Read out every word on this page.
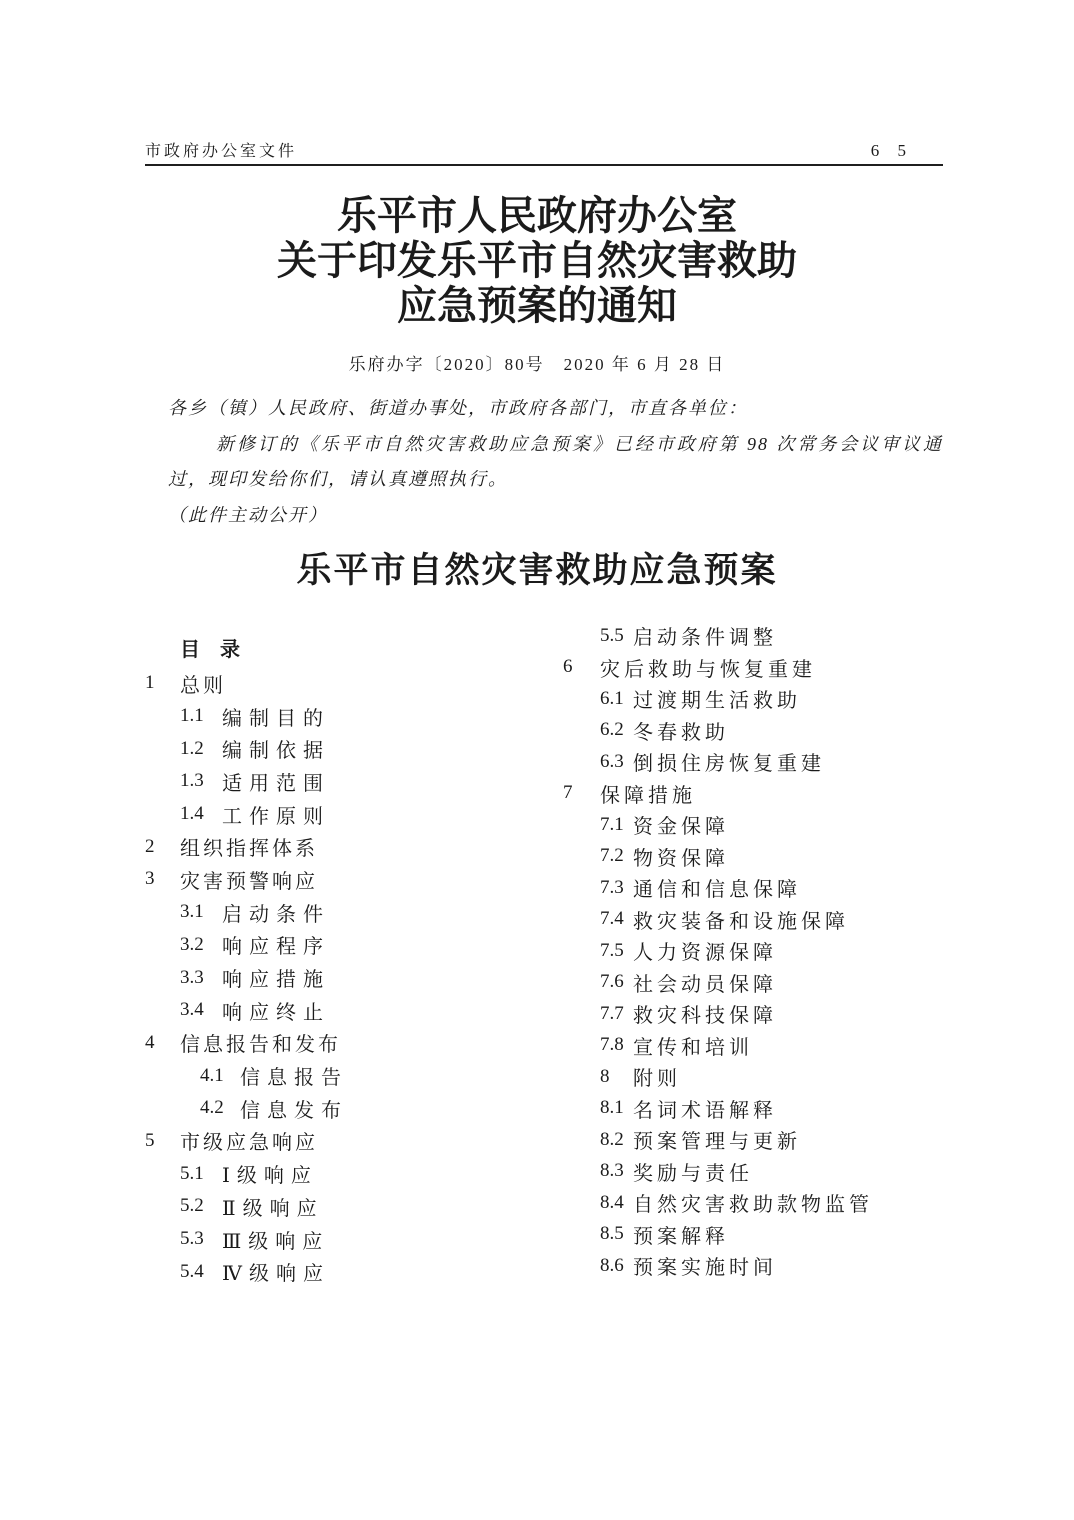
市政府办公室文件	6 5
乐平市人民政府办公室
关于印发乐平市自然灾害救助
应急预案的通知
乐府办字〔2020〕80号　2020 年 6 月 28 日

各乡（镇）人民政府、街道办事处，市政府各部门，市直各单位：

新修订的《乐平市自然灾害救助应急预案》已经市政府第 98 次常务会议审议通过，现印发给你们，请认真遵照执行。

（此件主动公开）

乐平市自然灾害救助应急预案
目　录
1	总则
1.1 编制目的
1.2 编制依据
1.3 适用范围
1.4 工作原则
2	组织指挥体系
3	灾害预警响应
3.1 启动条件
3.2 响应程序
3.3 响应措施
3.4 响应终止
4	信息报告和发布
4.1 信息报告
4.2 信息发布
5	市级应急响应
5.1 Ⅰ级响应
5.2 Ⅱ级响应
5.3 Ⅲ级响应
5.4 Ⅳ级响应
5.5 启动条件调整
6	灾后救助与恢复重建
6.1 过渡期生活救助
6.2 冬春救助
6.3 倒损住房恢复重建
7	保障措施
7.1 资金保障
7.2 物资保障
7.3 通信和信息保障
7.4 救灾装备和设施保障
7.5 人力资源保障
7.6 社会动员保障
7.7 救灾科技保障
7.8 宣传和培训
8	附则
8.1 名词术语解释
8.2 预案管理与更新
8.3 奖励与责任
8.4 自然灾害救助款物监管
8.5 预案解释
8.6 预案实施时间
